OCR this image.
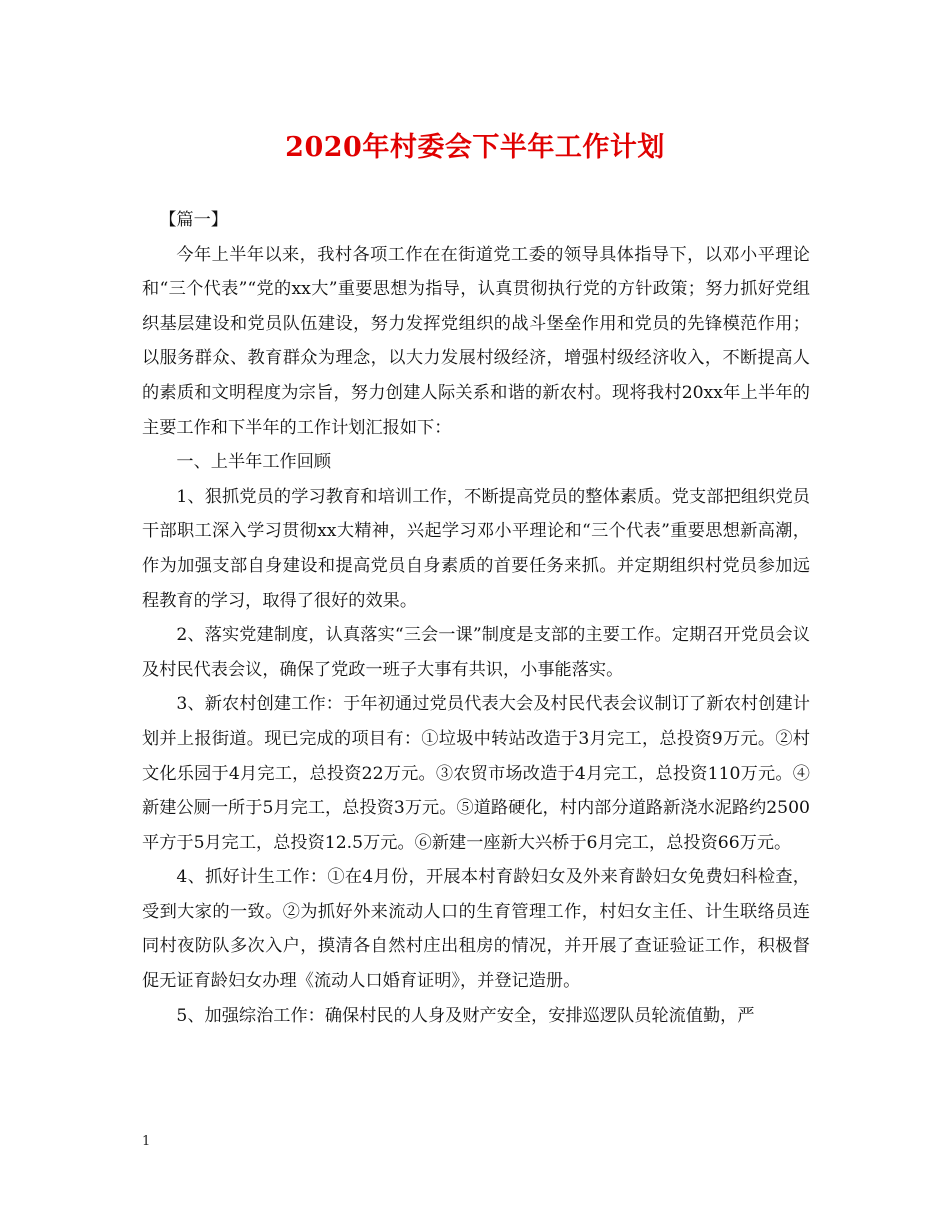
2020年村委会下半年工作计划

【篇一】

今年上半年以来，我村各项工作在在街道党工委的领导具体指导下，以邓小平理论和“三个代表”“党的xx大”重要思想为指导，认真贯彻执行党的方针政策；努力抓好党组织基层建设和党员队伍建设，努力发挥党组织的战斗堡垒作用和党员的先锋模范作用；以服务群众、教育群众为理念，以大力发展村级经济，增强村级经济收入，不断提高人的素质和文明程度为宗旨，努力创建人际关系和谐的新农村。现将我村20xx年上半年的主要工作和下半年的工作计划汇报如下：

一、上半年工作回顾

1、狠抓党员的学习教育和培训工作，不断提高党员的整体素质。党支部把组织党员干部职工深入学习贯彻xx大精神，兴起学习邓小平理论和“三个代表”重要思想新高潮，作为加强支部自身建设和提高党员自身素质的首要任务来抓。并定期组织村党员参加远程教育的学习，取得了很好的效果。

2、落实党建制度，认真落实“三会一课”制度是支部的主要工作。定期召开党员会议及村民代表会议，确保了党政一班子大事有共识，小事能落实。

3、新农村创建工作：于年初通过党员代表大会及村民代表会议制订了新农村创建计划并上报街道。现已完成的项目有：①垃圾中转站改造于3月完工，总投资9万元。②村文化乐园于4月完工，总投资22万元。③农贸市场改造于4月完工，总投资110万元。④新建公厕一所于5月完工，总投资3万元。⑤道路硬化，村内部分道路新浇水泥路约2500平方于5月完工，总投资12.5万元。⑥新建一座新大兴桥于6月完工，总投资66万元。

4、抓好计生工作：①在4月份，开展本村育龄妇女及外来育龄妇女免费妇科检查，受到大家的一致。②为抓好外来流动人口的生育管理工作，村妇女主任、计生联络员连同村夜防队多次入户，摸清各自然村庄出租房的情况，并开展了查证验证工作，积极督促无证育龄妇女办理《流动人口婚育证明》，并登记造册。

5、加强综治工作：确保村民的人身及财产安全，安排巡逻队员轮流值勤，严

1
